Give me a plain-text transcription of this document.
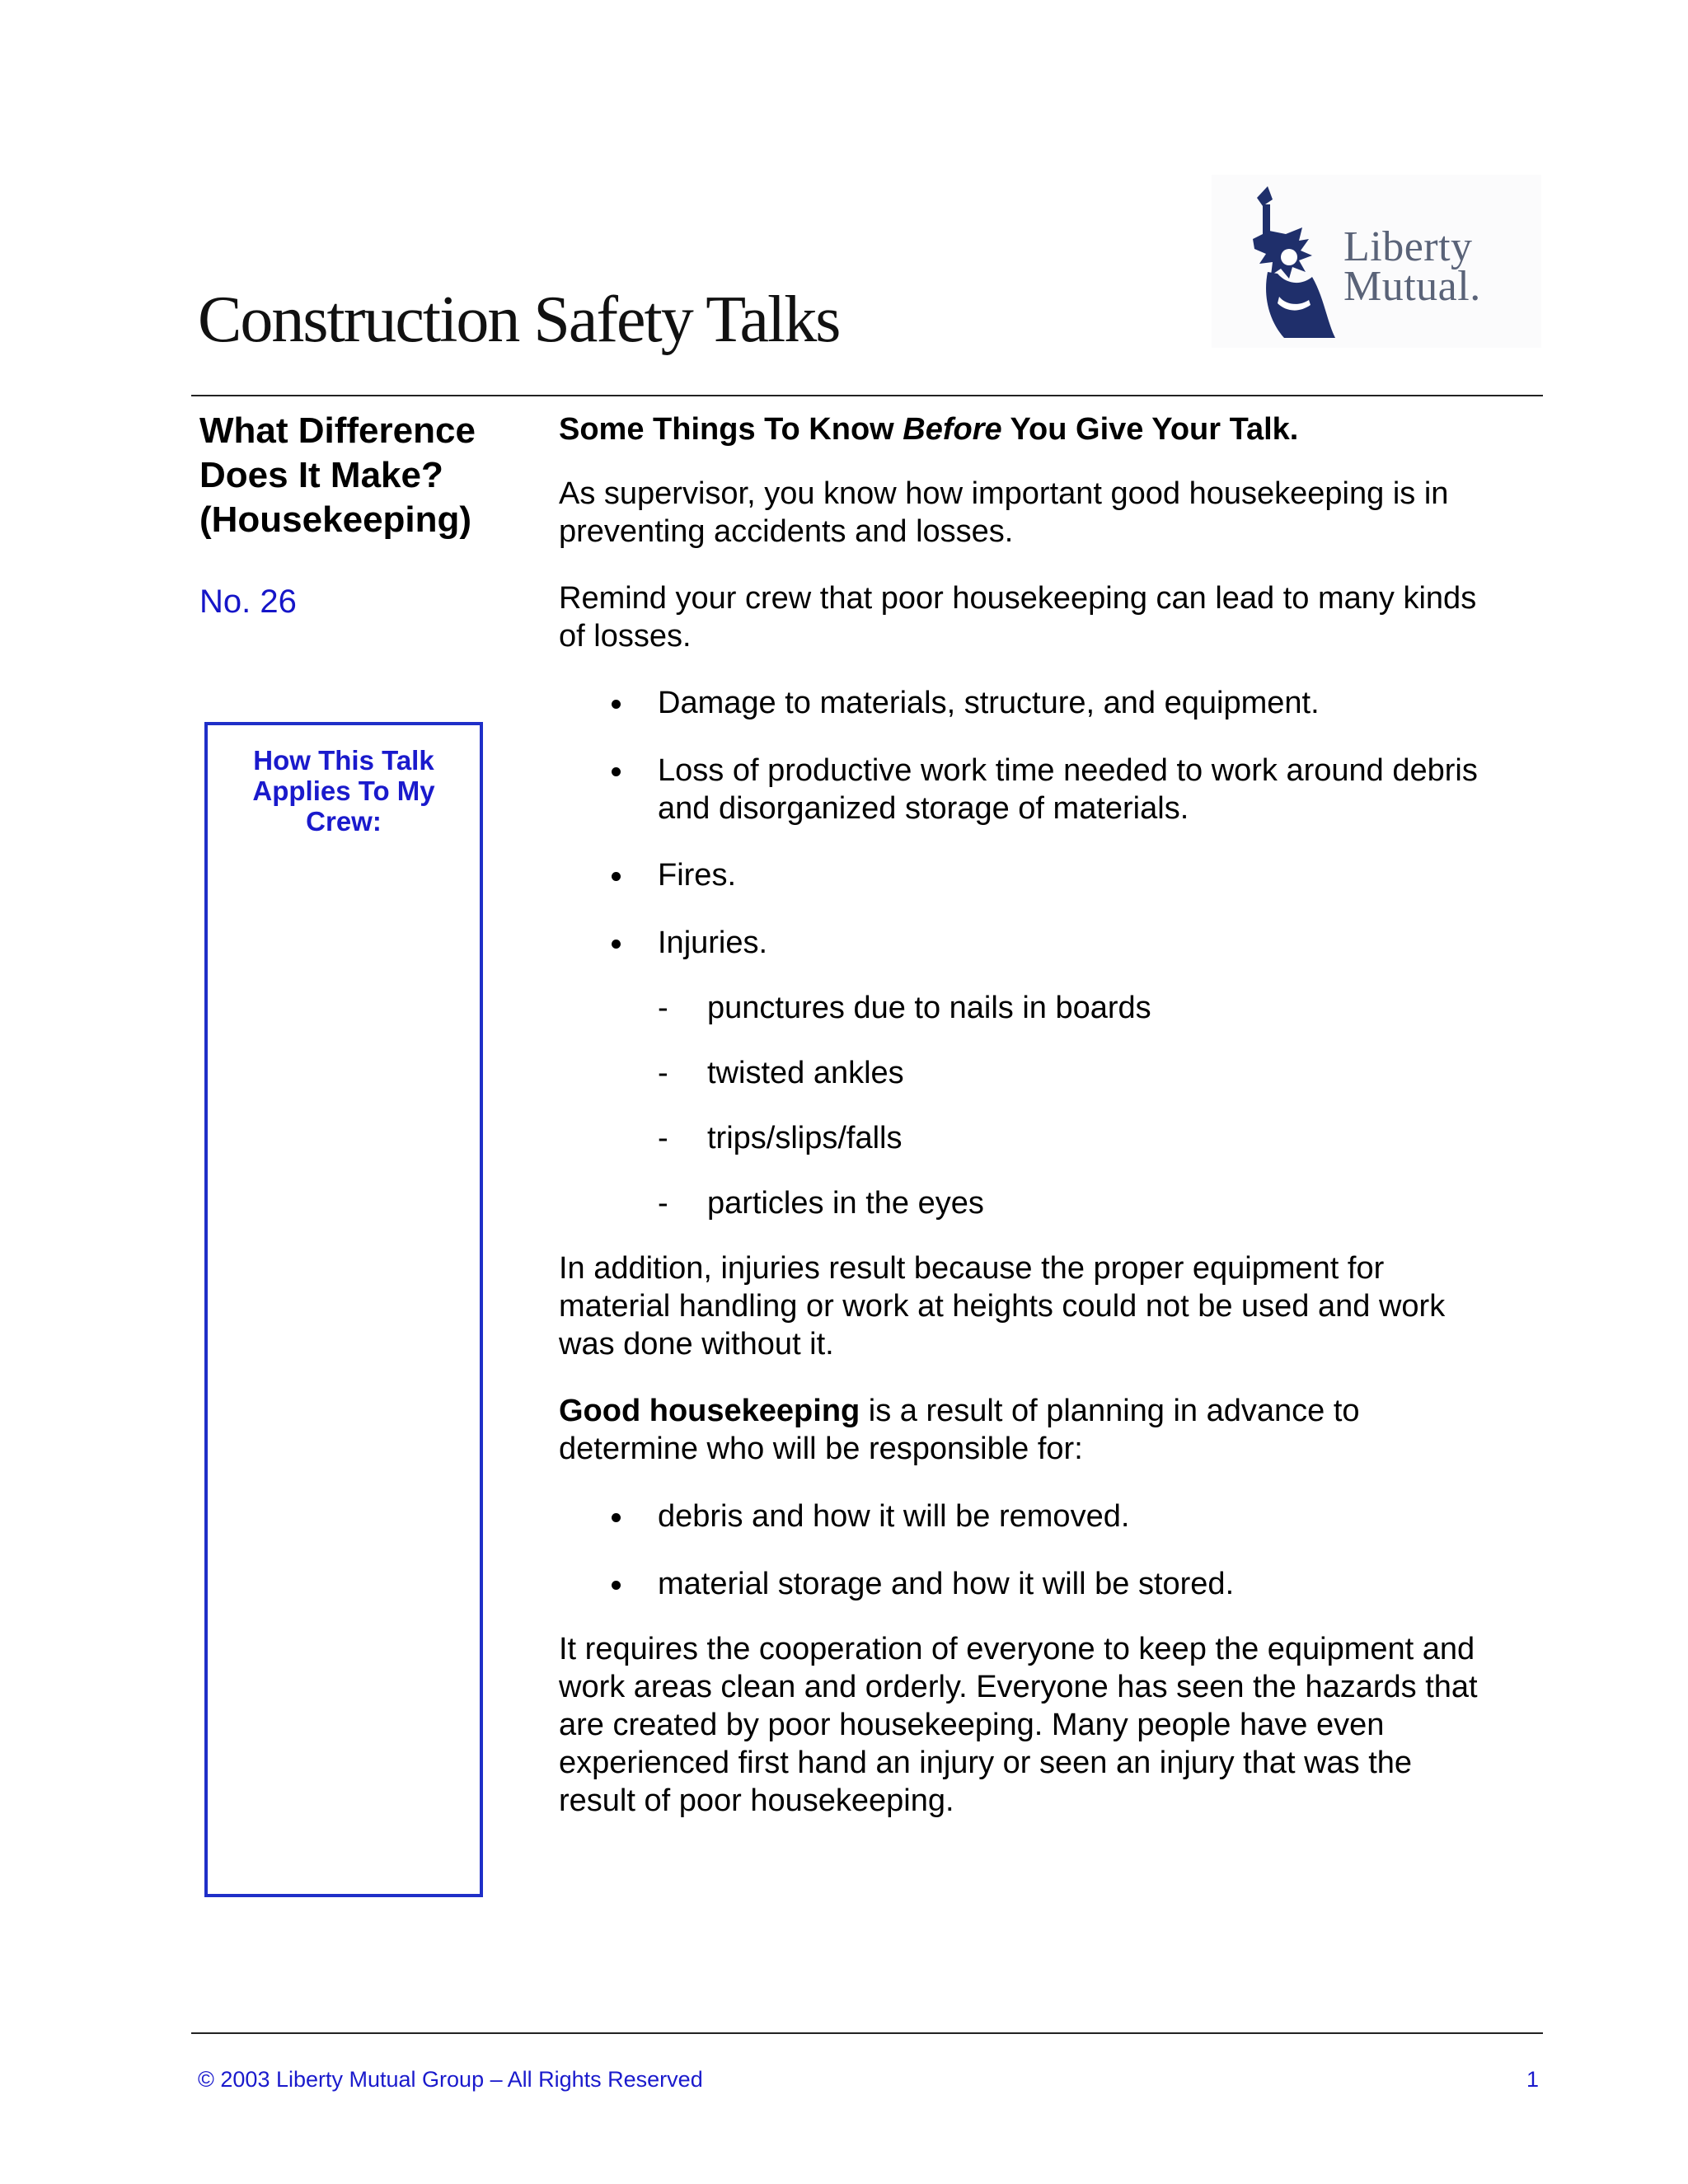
Construction Safety Talks
Liberty
Mutual.
What Difference
Does It Make?
(Housekeeping)
No. 26
How This Talk
Applies To My
Crew:
Some Things To Know Before You Give Your Talk.

As supervisor, you know how important good housekeeping is in
preventing accidents and losses.

Remind your crew that poor housekeeping can lead to many kinds
of losses.

Damage to materials, structure, and equipment.
Loss of productive work time needed to work around debris
and disorganized storage of materials.
Fires.
Injuries.
- punctures due to nails in boards
- twisted ankles
- trips/slips/falls
- particles in the eyes

In addition, injuries result because the proper equipment for
material handling or work at heights could not be used and work
was done without it.

Good housekeeping is a result of planning in advance to
determine who will be responsible for:

debris and how it will be removed.
material storage and how it will be stored.

It requires the cooperation of everyone to keep the equipment and
work areas clean and orderly. Everyone has seen the hazards that
are created by poor housekeeping. Many people have even
experienced first hand an injury or seen an injury that was the
result of poor housekeeping.

© 2003 Liberty Mutual Group – All Rights Reserved	1
